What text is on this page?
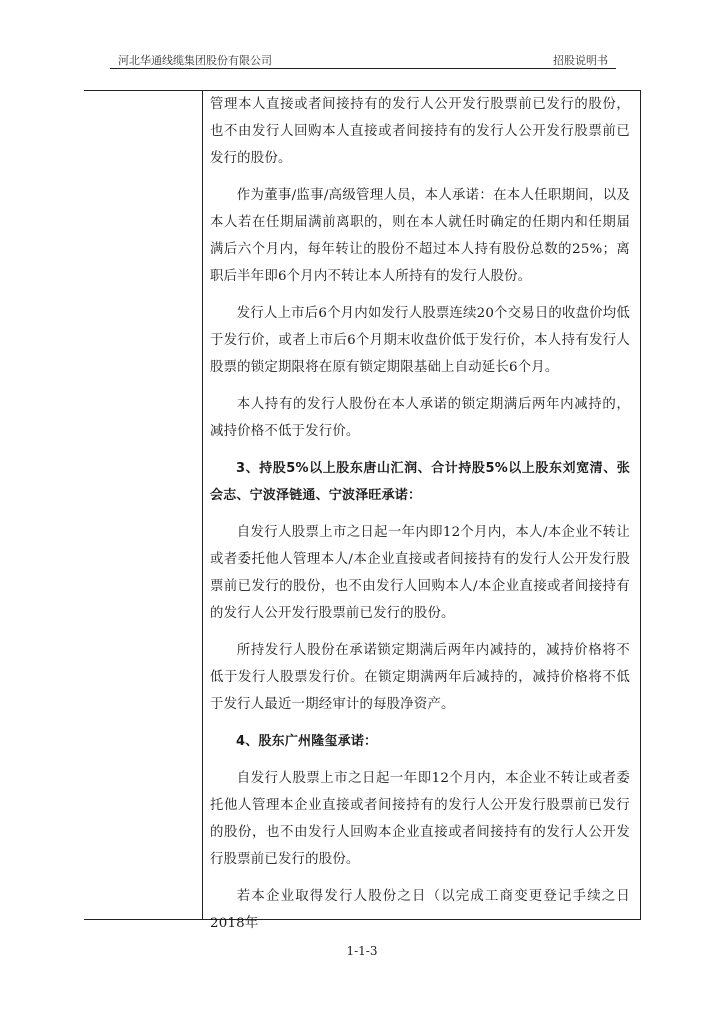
河北华通线缆集团股份有限公司	招股说明书

管理本人直接或者间接持有的发行人公开发行股票前已发行的股份，也不由发行人回购本人直接或者间接持有的发行人公开发行股票前已发行的股份。

作为董事/监事/高级管理人员，本人承诺：在本人任职期间，以及本人若在任期届满前离职的，则在本人就任时确定的任期内和任期届满后六个月内，每年转让的股份不超过本人持有股份总数的25%；离职后半年即6个月内不转让本人所持有的发行人股份。

发行人上市后6个月内如发行人股票连续20个交易日的收盘价均低于发行价，或者上市后6个月期末收盘价低于发行价，本人持有发行人股票的锁定期限将在原有锁定期限基础上自动延长6个月。

本人持有的发行人股份在本人承诺的锁定期满后两年内减持的，减持价格不低于发行价。

3、持股5%以上股东唐山汇润、合计持股5%以上股东刘宽清、张会志、宁波泽链通、宁波泽旺承诺：

自发行人股票上市之日起一年内即12个月内，本人/本企业不转让或者委托他人管理本人/本企业直接或者间接持有的发行人公开发行股票前已发行的股份，也不由发行人回购本人/本企业直接或者间接持有的发行人公开发行股票前已发行的股份。

所持发行人股份在承诺锁定期满后两年内减持的，减持价格将不低于发行人股票发行价。在锁定期满两年后减持的，减持价格将不低于发行人最近一期经审计的每股净资产。

4、股东广州隆玺承诺：

自发行人股票上市之日起一年即12个月内，本企业不转让或者委托他人管理本企业直接或者间接持有的发行人公开发行股票前已发行的股份，也不由发行人回购本企业直接或者间接持有的发行人公开发行股票前已发行的股份。

若本企业取得发行人股份之日（以完成工商变更登记手续之日2018年

1-1-3
